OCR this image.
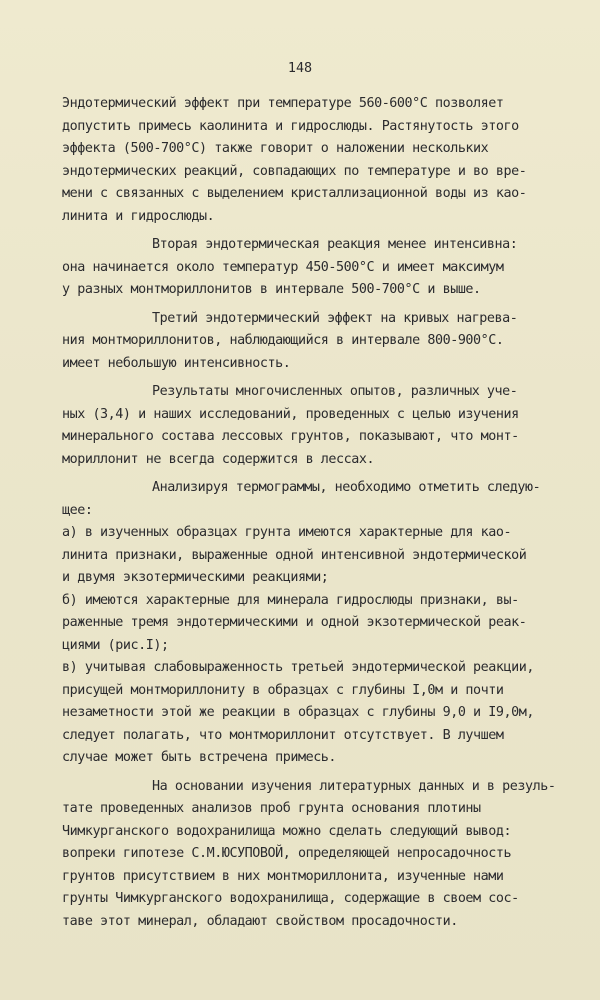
148
Эндотермический эффект при температуре 560-600°С позволяет
допустить примесь каолинита и гидрослюды. Растянутость этого
эффекта (500-700°С) также говорит о наложении нескольких
эндотермических реакций, совпадающих по температуре и во вре-
мени с связанных с выделением кристаллизационной воды из као-
линита и гидрослюды.
Вторая эндотермическая реакция менее интенсивна:
она начинается около температур 450-500°С и имеет максимум
у разных монтмориллонитов в интервале 500-700°С и выше.
Третий эндотермический эффект на кривых нагрева-
ния монтмориллонитов, наблюдающийся в интервале 800-900°С.
имеет небольшую интенсивность.
Результаты многочисленных опытов, различных уче-
ных (3,4) и наших исследований, проведенных с целью изучения
минерального состава лессовых грунтов, показывают, что монт-
мориллонит не всегда содержится в лессах.
Анализируя термограммы, необходимо отметить следую-
щее:
а) в изученных образцах грунта имеются характерные для као-
линита признаки, выраженные одной интенсивной эндотермической
и двумя экзотермическими реакциями;
б) имеются характерные для минерала гидрослюды признаки, вы-
раженные тремя эндотермическими и одной экзотермической реак-
циями (рис.I);
в) учитывая слабовыраженность третьей эндотермической реакции,
присущей монтмориллониту в образцах с глубины I,0м и почти
незаметности этой же реакции в образцах с глубины 9,0 и I9,0м,
следует полагать, что монтмориллонит отсутствует. В лучшем
случае может быть встречена примесь.
На основании изучения литературных данных и в резуль-
тате проведенных анализов проб грунта основания плотины
Чимкурганского водохранилища можно сделать следующий вывод:
вопреки гипотезе С.М.ЮСУПОВОЙ, определяющей непросадочность
грунтов присутствием в них монтмориллонита, изученные нами
грунты Чимкурганского водохранилища, содержащие в своем сос-
таве этот минерал, обладают свойством просадочности.
